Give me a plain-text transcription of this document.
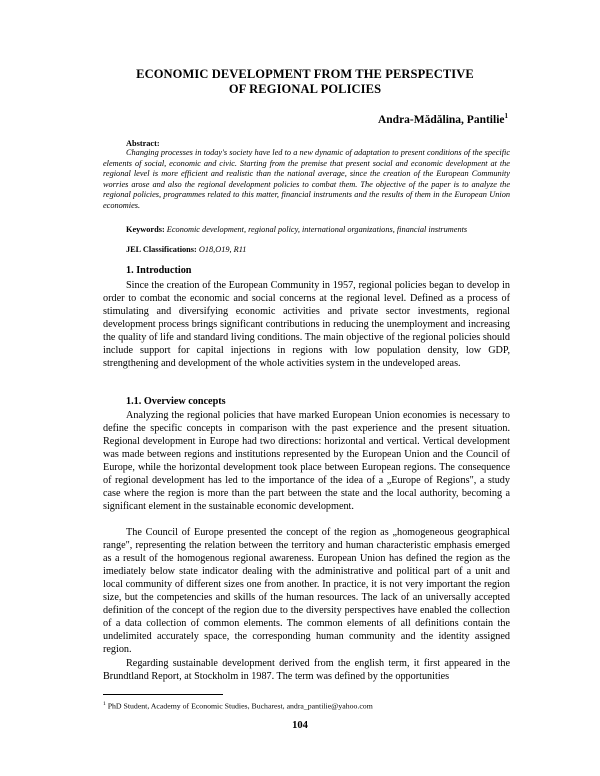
ECONOMIC DEVELOPMENT FROM THE PERSPECTIVE
OF REGIONAL POLICIES
Andra-Mădălina, Pantilie$^1$
Abstract:
Changing processes in today's society have led to a new dynamic of adaptation to present conditions of the specific elements of social, economic and civic. Starting from the premise that present social and economic development at the regional level is more efficient and realistic than the national average, since the creation of the European Community worries arose and also the regional development policies to combat them. The objective of the paper is to analyze the regional policies, programmes related to this matter, financial instruments and the results of them in the European Union economies.
Keywords: Economic development, regional policy, international organizations, financial instruments
JEL Classifications: O18,O19, R11
1. Introduction
Since the creation of the European Community in 1957, regional policies began to develop in order to combat the economic and social concerns at the regional level. Defined as a process of stimulating and diversifying economic activities and private sector investments, regional development process brings significant contributions in reducing the unemployment and increasing the quality of life and standard living conditions. The main objective of the regional policies should include support for capital injections in regions with low population density, low GDP, strengthening and development of the whole activities system in the undeveloped areas.
1.1. Overview concepts
Analyzing the regional policies that have marked European Union economies is necessary to define the specific concepts in comparison with the past experience and the present situation. Regional development in Europe had two directions: horizontal and vertical. Vertical development was made between regions and institutions represented by the European Union and the Council of Europe, while the horizontal development took place between European regions. The consequence of regional development has led to the importance of the idea of a „Europe of Regions", a study case where the region is more than the part between the state and the local authority, becoming a significant element in the sustainable economic development.
The Council of Europe presented the concept of the region as „homogeneous geographical range", representing the relation between the territory and human characteristic emphasis emerged as a result of the homogenous regional awareness. European Union has defined the region as the imediately below state indicator dealing with the administrative and political part of a unit and local community of different sizes one from another. In practice, it is not very important the region size, but the competencies and skills of the human resources. The lack of an universally accepted definition of the concept of the region due to the diversity perspectives have enabled the collection of a data collection of common elements. The common elements of all definitions contain the undelimited accurately space, the corresponding human community and the identity assigned region.
Regarding sustainable development derived from the english term, it first appeared in the Brundtland Report, at Stockholm in 1987. The term was defined by the opportunities
$^1$ PhD Student, Academy of Economic Studies, Bucharest, andra_pantilie@yahoo.com
104
